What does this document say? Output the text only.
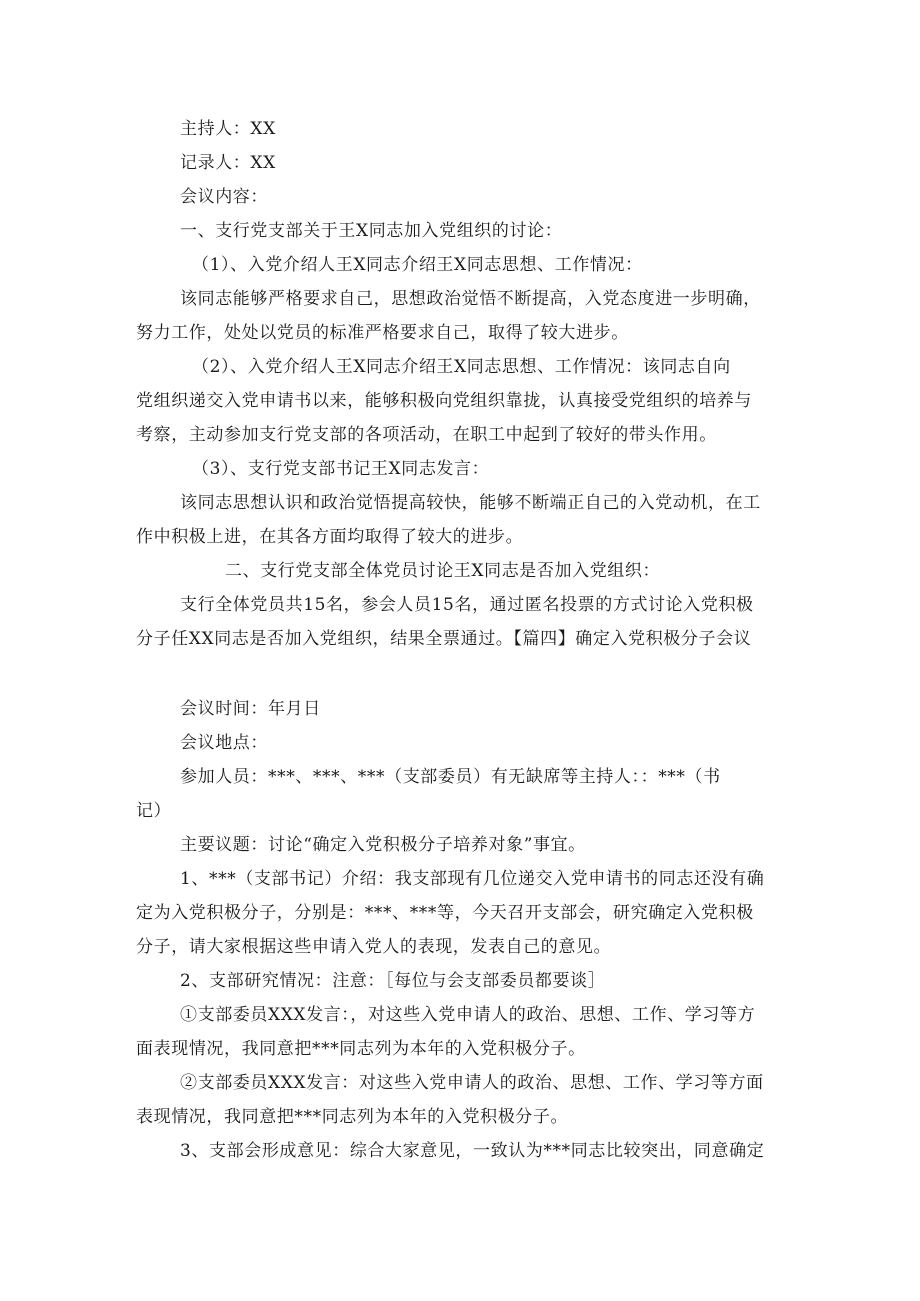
主持人：XX
记录人：XX
会议内容：
一、支行党支部关于王X同志加入党组织的讨论：
（1）、入党介绍人王X同志介绍王X同志思想、工作情况：
该同志能够严格要求自己，思想政治觉悟不断提高，入党态度进一步明确，
努力工作，处处以党员的标准严格要求自己，取得了较大进步。
（2）、入党介绍人王X同志介绍王X同志思想、工作情况：该同志自向
党组织递交入党申请书以来，能够积极向党组织靠拢，认真接受党组织的培养与
考察，主动参加支行党支部的各项活动，在职工中起到了较好的带头作用。
（3）、支行党支部书记王X同志发言：
该同志思想认识和政治觉悟提高较快，能够不断端正自己的入党动机，在工
作中积极上进，在其各方面均取得了较大的进步。
二、支行党支部全体党员讨论王X同志是否加入党组织：
支行全体党员共15名，参会人员15名，通过匿名投票的方式讨论入党积极
分子任XX同志是否加入党组织，结果全票通过。【篇四】确定入党积极分子会议
会议时间：年月日
会议地点：
参加人员：***、***、***（支部委员）有无缺席等主持人：：***（书
记）
主要议题：讨论“确定入党积极分子培养对象”事宜。
1、***（支部书记）介绍：我支部现有几位递交入党申请书的同志还没有确
定为入党积极分子，分别是：***、***等，今天召开支部会，研究确定入党积极
分子，请大家根据这些申请入党人的表现，发表自己的意见。
2、支部研究情况：注意：［每位与会支部委员都要谈］
①支部委员XXX发言：，对这些入党申请人的政治、思想、工作、学习等方
面表现情况，我同意把***同志列为本年的入党积极分子。
②支部委员XXX发言：对这些入党申请人的政治、思想、工作、学习等方面
表现情况，我同意把***同志列为本年的入党积极分子。
3、支部会形成意见：综合大家意见，一致认为***同志比较突出，同意确定
